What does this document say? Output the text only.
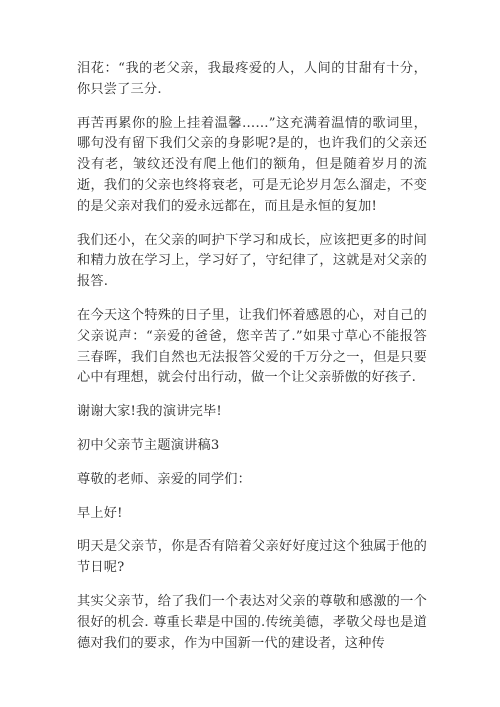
泪花：“我的老父亲，我最疼爱的人，人间的甘甜有十分，你只尝了三分.

再苦再累你的脸上挂着温馨……”这充满着温情的歌词里，哪句没有留下我们父亲的身影呢?是的，也许我们的父亲还没有老，皱纹还没有爬上他们的额角，但是随着岁月的流逝，我们的父亲也终将衰老，可是无论岁月怎么溜走，不变的是父亲对我们的爱永远都在，而且是永恒的复加!

我们还小，在父亲的呵护下学习和成长，应该把更多的时间和精力放在学习上，学习好了，守纪律了，这就是对父亲的报答.

在今天这个特殊的日子里，让我们怀着感恩的心，对自己的父亲说声：“亲爱的爸爸，您辛苦了.”如果寸草心不能报答三春晖，我们自然也无法报答父爱的千万分之一，但是只要心中有理想，就会付出行动，做一个让父亲骄傲的好孩子.

谢谢大家!我的演讲完毕!

初中父亲节主题演讲稿3

尊敬的老师、亲爱的同学们：

早上好!

明天是父亲节，你是否有陪着父亲好好度过这个独属于他的节日呢?

其实父亲节，给了我们一个表达对父亲的尊敬和感激的一个很好的机会. 尊重长辈是中国的.传统美德，孝敬父母也是道德对我们的要求，作为中国新一代的建设者，这种传
